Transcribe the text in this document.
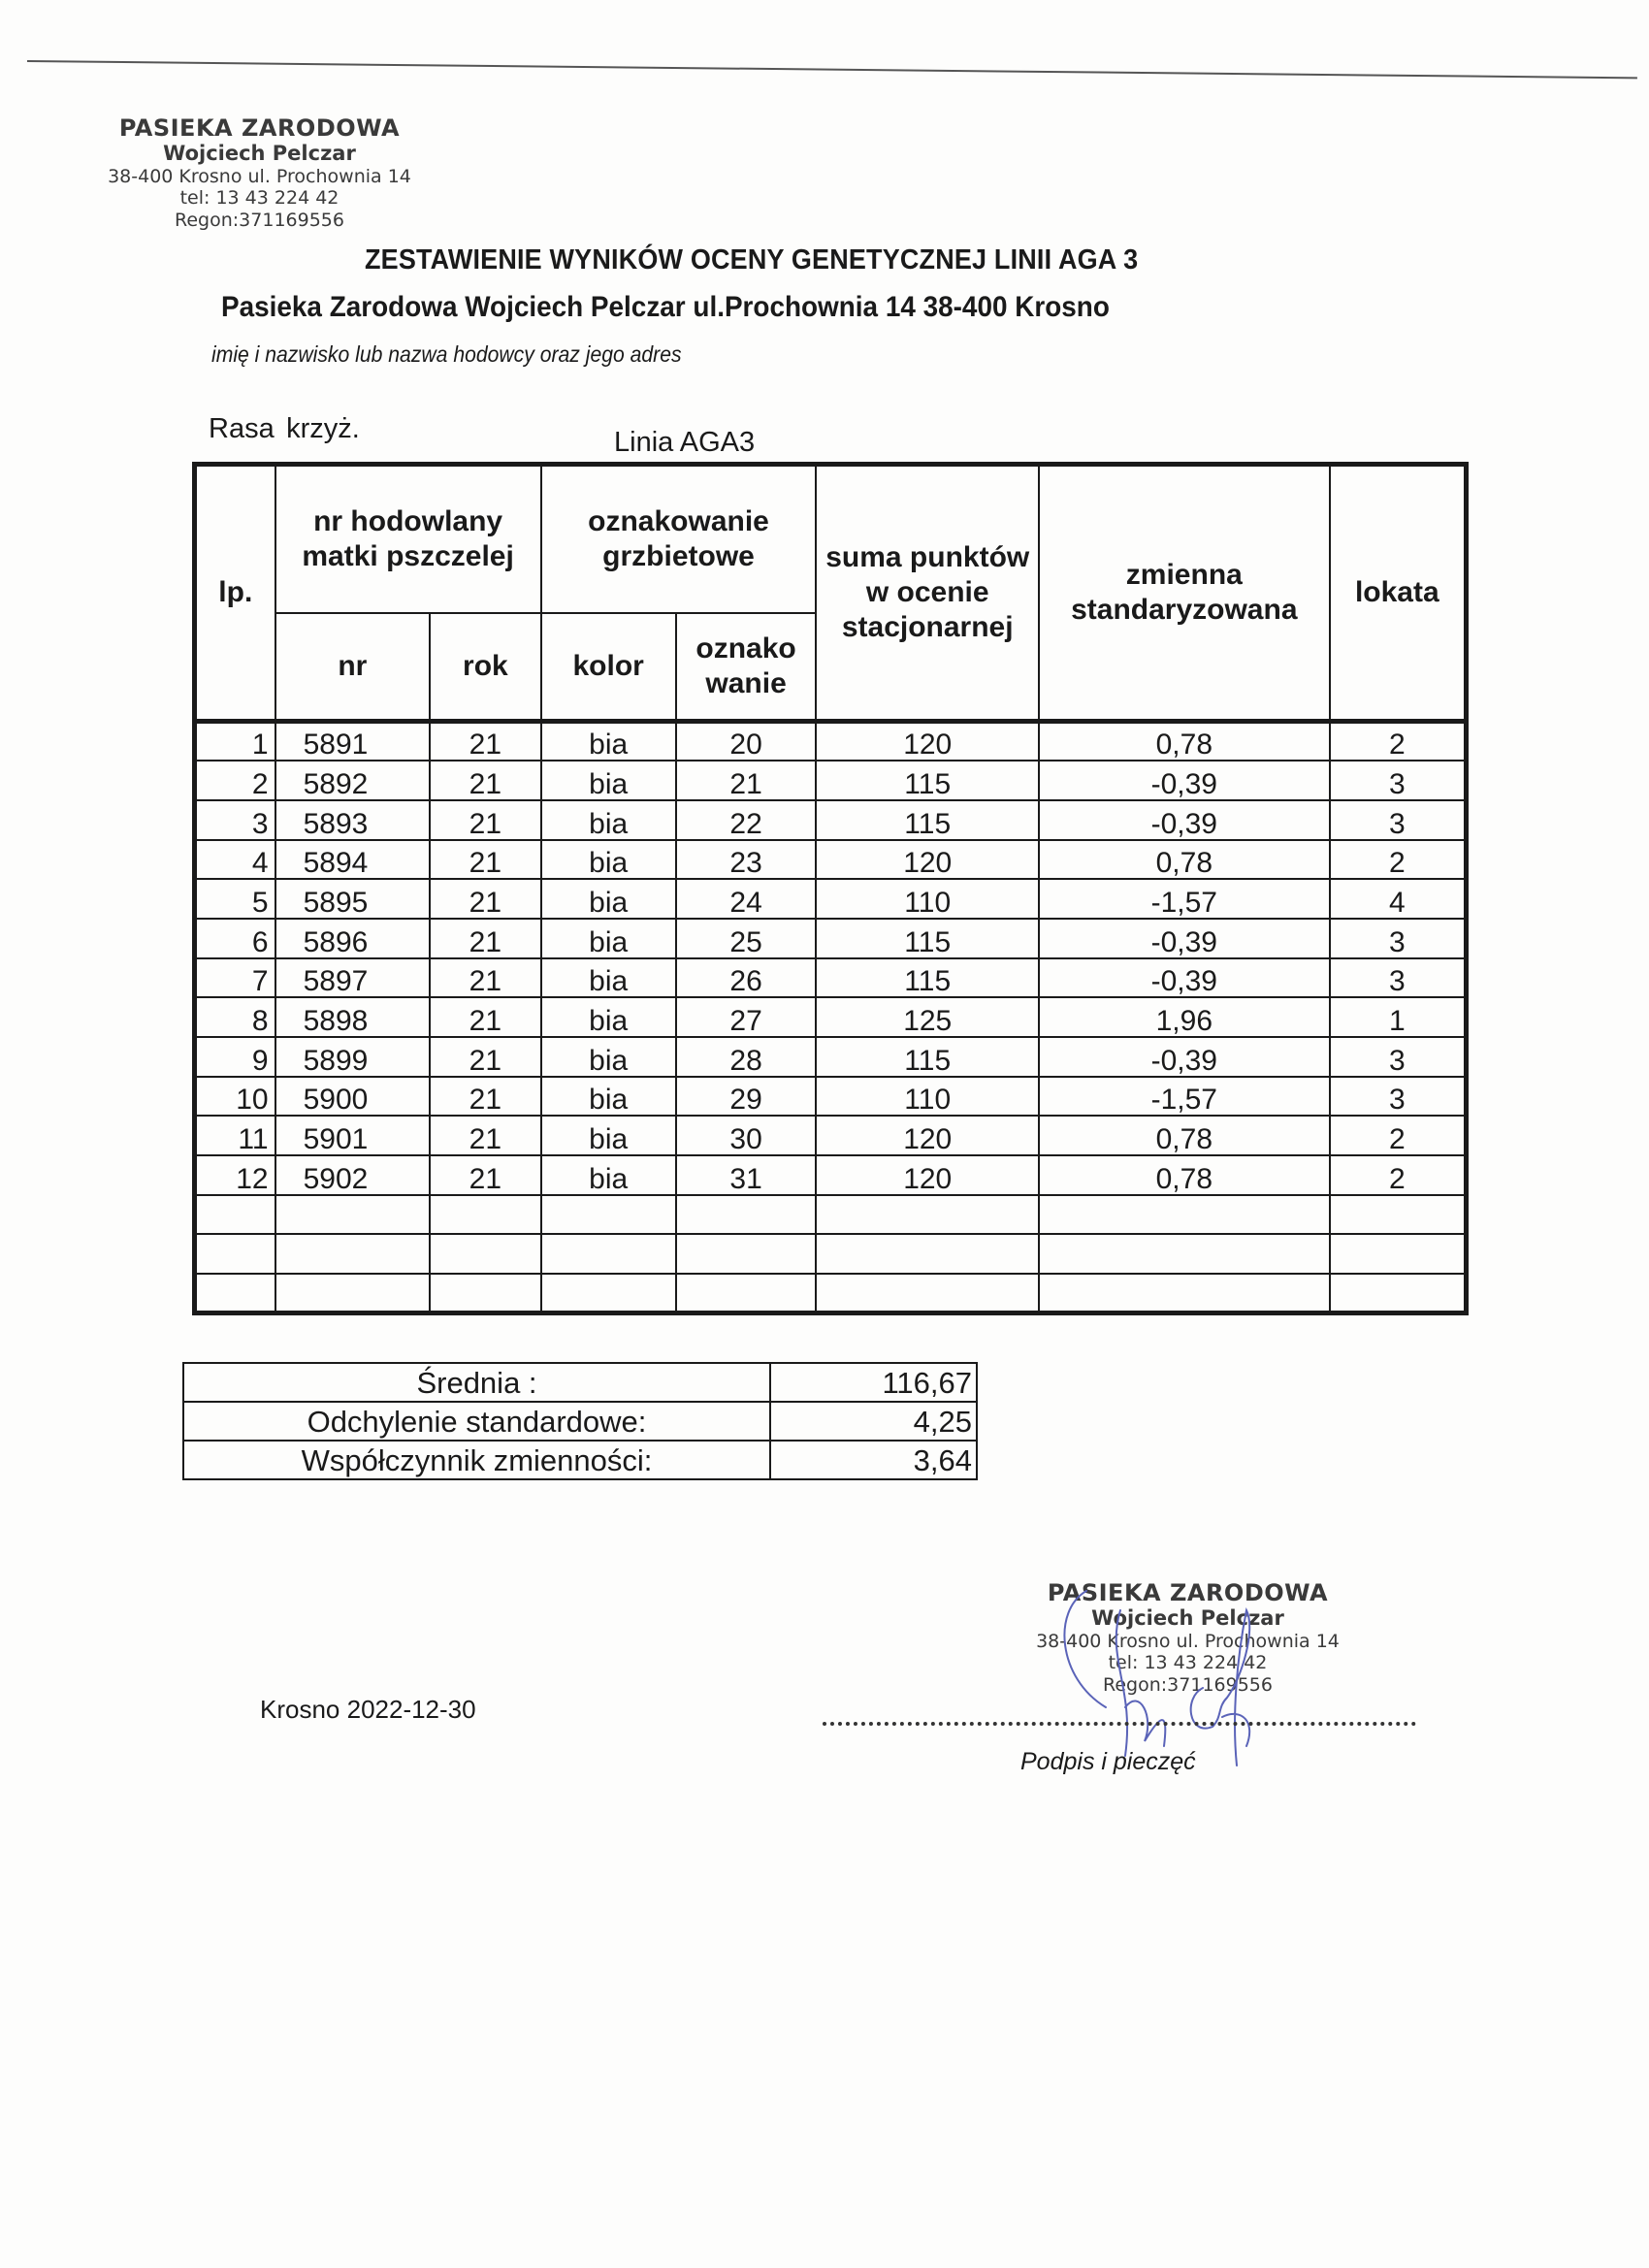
PASIEKA ZARODOWA
Wojciech Pelczar
38-400 Krosno ul. Prochownia 14
tel: 13 43 224 42
Regon:371169556
ZESTAWIENIE WYNIKÓW OCENY GENETYCZNEJ LINII AGA 3
Pasieka Zarodowa Wojciech Pelczar ul.Prochownia 14 38-400 Krosno
imię i nazwisko lub nazwa hodowcy oraz jego adres
Rasa krzyż.	Linia AGA3
lp.	nr hodowlany matki pszczelej		oznakowanie grzbietowe		suma punktów w ocenie stacjonarnej	zmienna standaryzowana	lokata
	nr	rok	kolor	oznako wanie			

1	5891	21	bia	20	120	0,78	2
2	5892	21	bia	21	115	-0,39	3
3	5893	21	bia	22	115	-0,39	3
4	5894	21	bia	23	120	0,78	2
5	5895	21	bia	24	110	-1,57	4
6	5896	21	bia	25	115	-0,39	3
7	5897	21	bia	26	115	-0,39	3
8	5898	21	bia	27	125	1,96	1
9	5899	21	bia	28	115	-0,39	3
10	5900	21	bia	29	110	-1,57	3
11	5901	21	bia	30	120	0,78	2
12	5902	21	bia	31	120	0,78	2

Średnia :	116,67
Odchylenie standardowe:	4,25
Współczynnik zmienności:	3,64
Krosno 2022-12-30
PASIEKA ZARODOWA
Wojciech Pelczar
38-400 Krosno ul. Prochownia 14
tel: 13 43 224 42
Regon:371169556
Podpis i pieczęć
